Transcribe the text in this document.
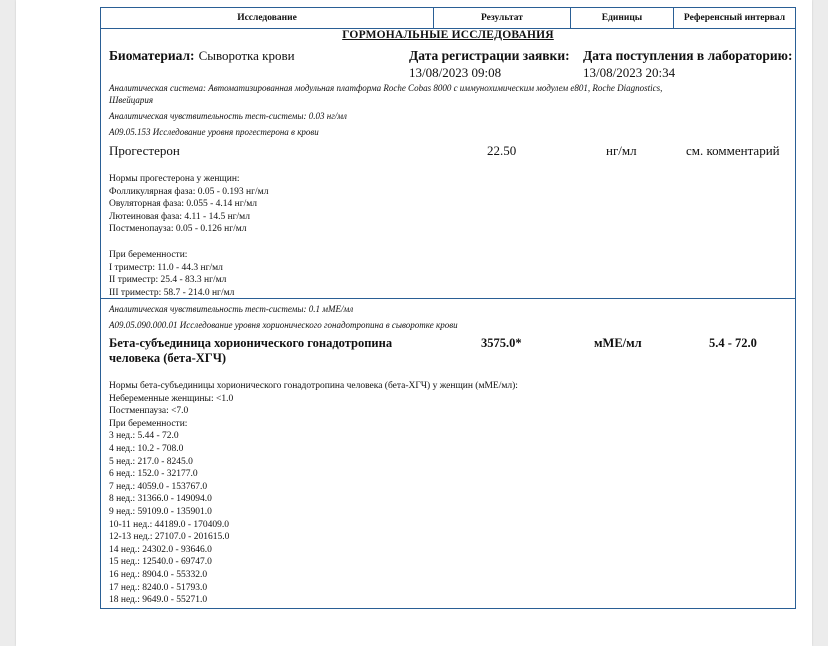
Исследование	Результат	Единицы	Референсный интервал
ГОРМОНАЛЬНЫЕ ИССЛЕДОВАНИЯ
Биоматериал: Сыворотка крови	Дата регистрации заявки:
13/08/2023 09:08
Дата поступления в лабораторию:
13/08/2023 20:34
Аналитическая система: Автоматизированная модульная платформа Roche Cobas 8000 с иммунохимическим модулем e801, Roche Diagnostics,
Швейцария
Аналитическая чувствительность тест-системы: 0.03 нг/мл
A09.05.153 Исследование уровня прогестерона в крови
Прогестерон	22.50	нг/мл	см. комментарий
Нормы прогестерона у женщин:
Фолликулярная фаза: 0.05 - 0.193 нг/мл
Овуляторная фаза: 0.055 - 4.14 нг/мл
Лютеиновая фаза: 4.11 - 14.5 нг/мл
Постменопауза: 0.05 - 0.126 нг/мл
При беременности:
I триместр: 11.0 - 44.3 нг/мл
II триместр: 25.4 - 83.3 нг/мл
III триместр: 58.7 - 214.0 нг/мл
Аналитическая чувствительность тест-системы: 0.1 мМЕ/мл
A09.05.090.000.01 Исследование уровня хорионического гонадотропина в сыворотке крови
Бета-субъединица хорионического гонадотропина
человека (бета-ХГЧ)
3575.0*	мМЕ/мл	5.4 - 72.0
Нормы бета-субъединицы хорионического гонадотропина человека (бета-ХГЧ) у женщин (мМЕ/мл):
Небеременные женщины: <1.0
Постменпауза: <7.0
При беременности:
3 нед.: 5.44 - 72.0
4 нед.: 10.2 - 708.0
5 нед.: 217.0 - 8245.0
6 нед.: 152.0 - 32177.0
7 нед.: 4059.0 - 153767.0
8 нед.: 31366.0 - 149094.0
9 нед.: 59109.0 - 135901.0
10-11 нед.: 44189.0 - 170409.0
12-13 нед.: 27107.0 - 201615.0
14 нед.: 24302.0 - 93646.0
15 нед.: 12540.0 - 69747.0
16 нед.: 8904.0 - 55332.0
17 нед.: 8240.0 - 51793.0
18 нед.: 9649.0 - 55271.0
